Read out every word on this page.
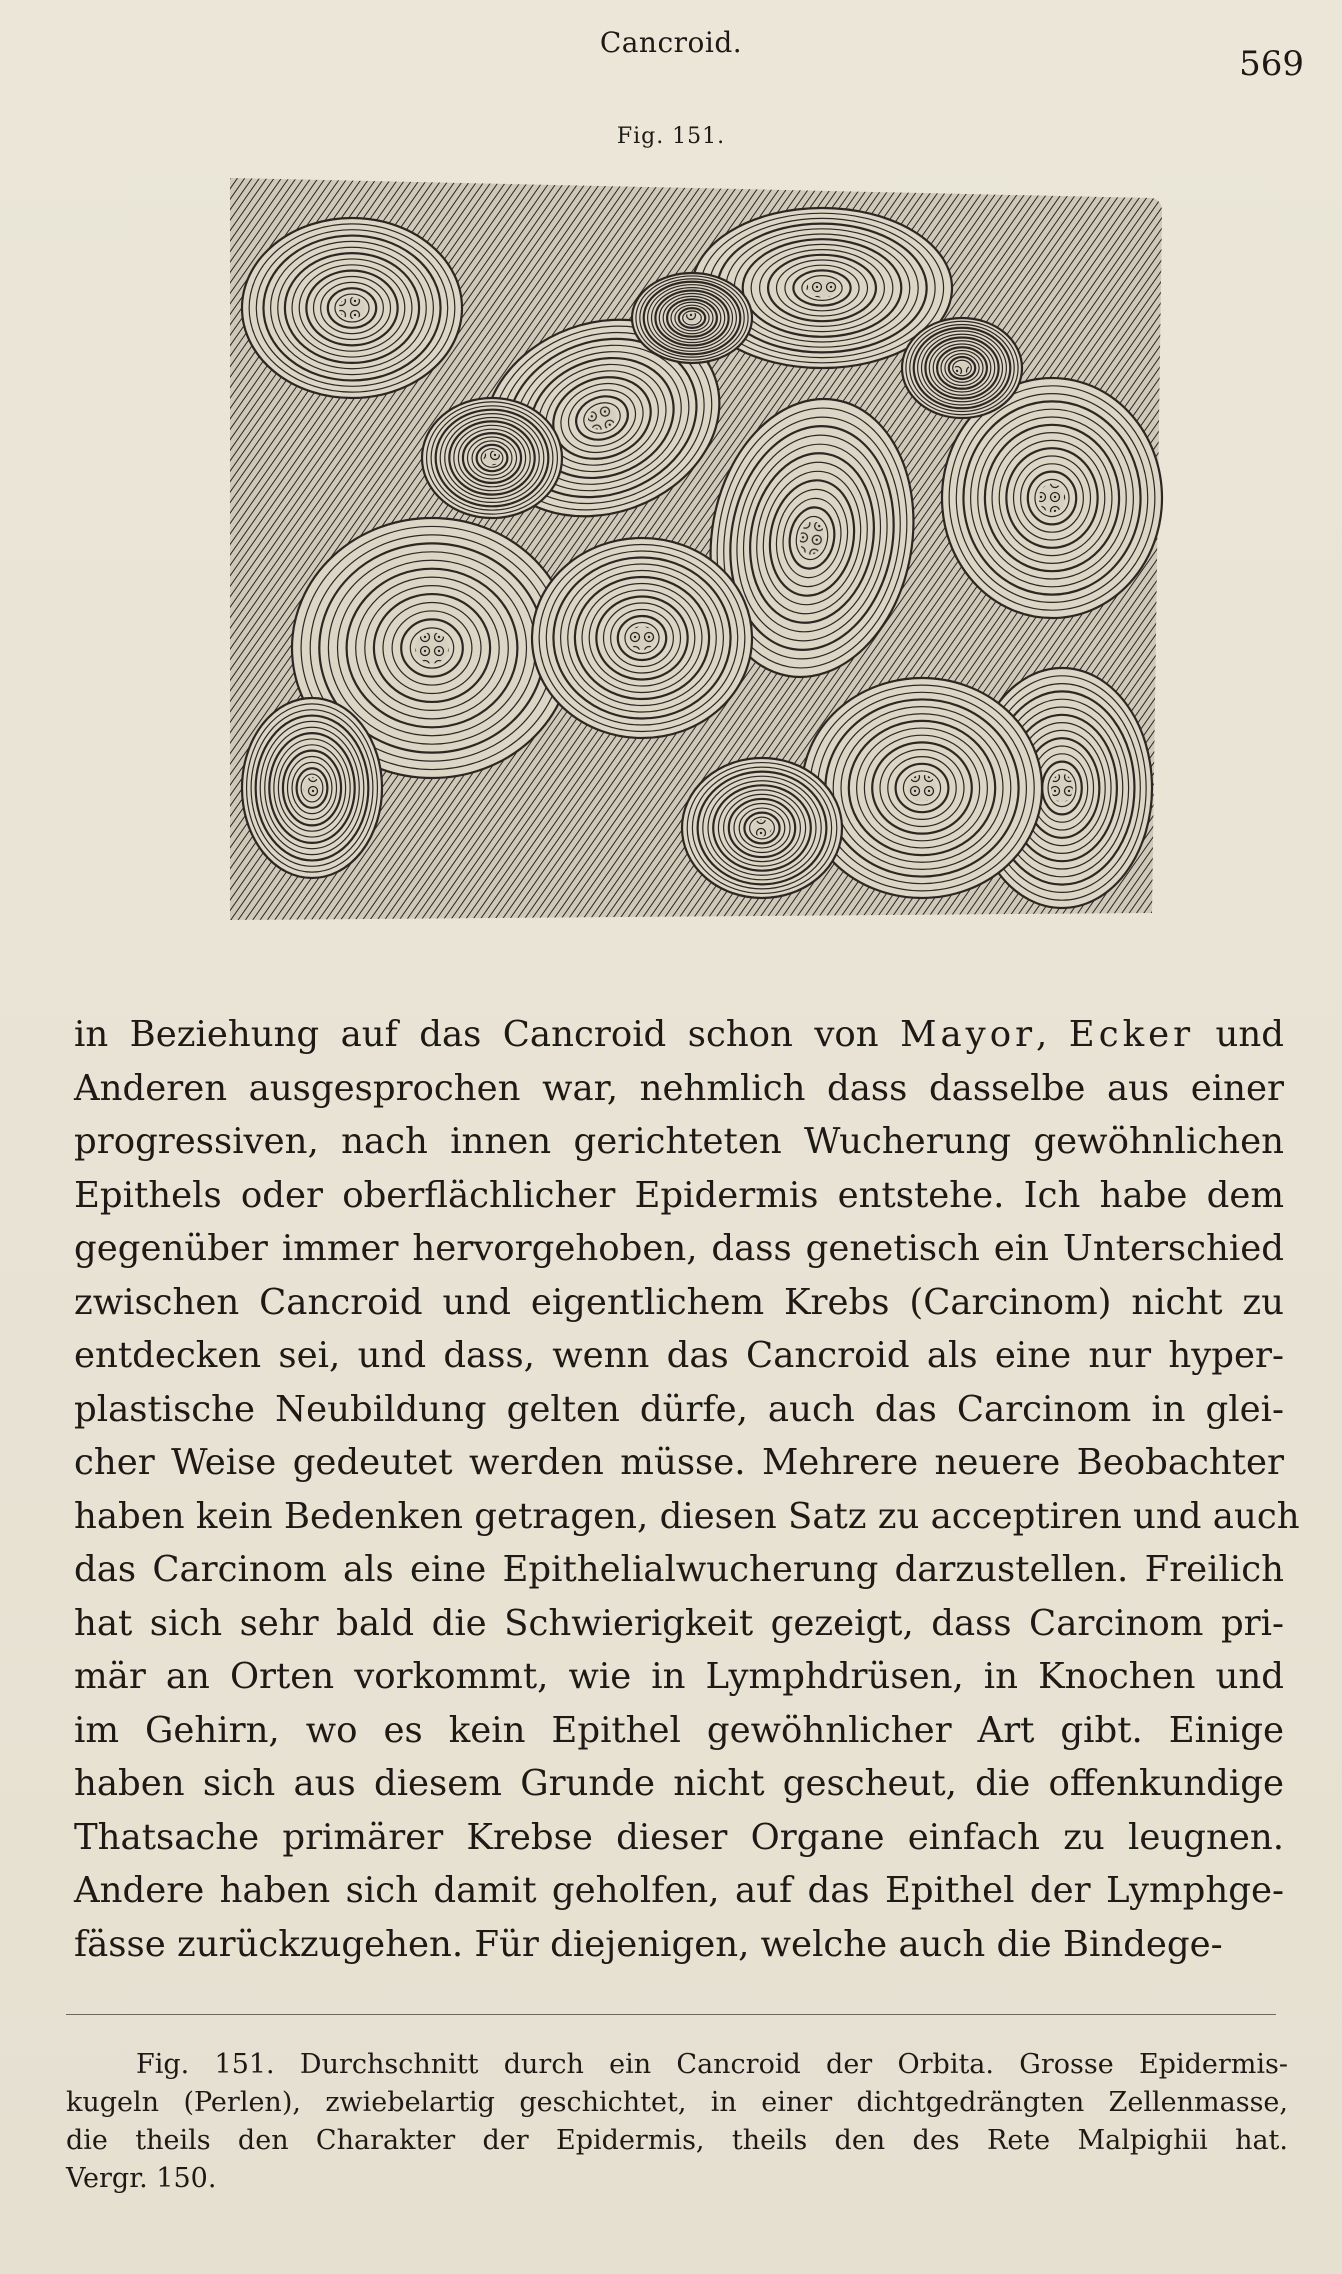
Cancroid.
569
Fig. 151.
in Beziehung auf das Cancroid schon von Mayor, Ecker und
Anderen ausgesprochen war, nehmlich dass dasselbe aus einer
progressiven, nach innen gerichteten Wucherung gewöhnlichen
Epithels oder oberflächlicher Epidermis entstehe. Ich habe dem
gegenüber immer hervorgehoben, dass genetisch ein Unterschied
zwischen Cancroid und eigentlichem Krebs (Carcinom) nicht zu
entdecken sei, und dass, wenn das Cancroid als eine nur hyper-
plastische Neubildung gelten dürfe, auch das Carcinom in glei-
cher Weise gedeutet werden müsse. Mehrere neuere Beobachter
haben kein Bedenken getragen, diesen Satz zu acceptiren und auch
das Carcinom als eine Epithelialwucherung darzustellen. Freilich
hat sich sehr bald die Schwierigkeit gezeigt, dass Carcinom pri-
mär an Orten vorkommt, wie in Lymphdrüsen, in Knochen und
im Gehirn, wo es kein Epithel gewöhnlicher Art gibt. Einige
haben sich aus diesem Grunde nicht gescheut, die offenkundige
Thatsache primärer Krebse dieser Organe einfach zu leugnen.
Andere haben sich damit geholfen, auf das Epithel der Lymphge-
fässe zurückzugehen. Für diejenigen, welche auch die Bindege-
Fig. 151. Durchschnitt durch ein Cancroid der Orbita. Grosse Epidermis-
kugeln (Perlen), zwiebelartig geschichtet, in einer dichtgedrängten Zellenmasse,
die theils den Charakter der Epidermis, theils den des Rete Malpighii hat.
Vergr. 150.
